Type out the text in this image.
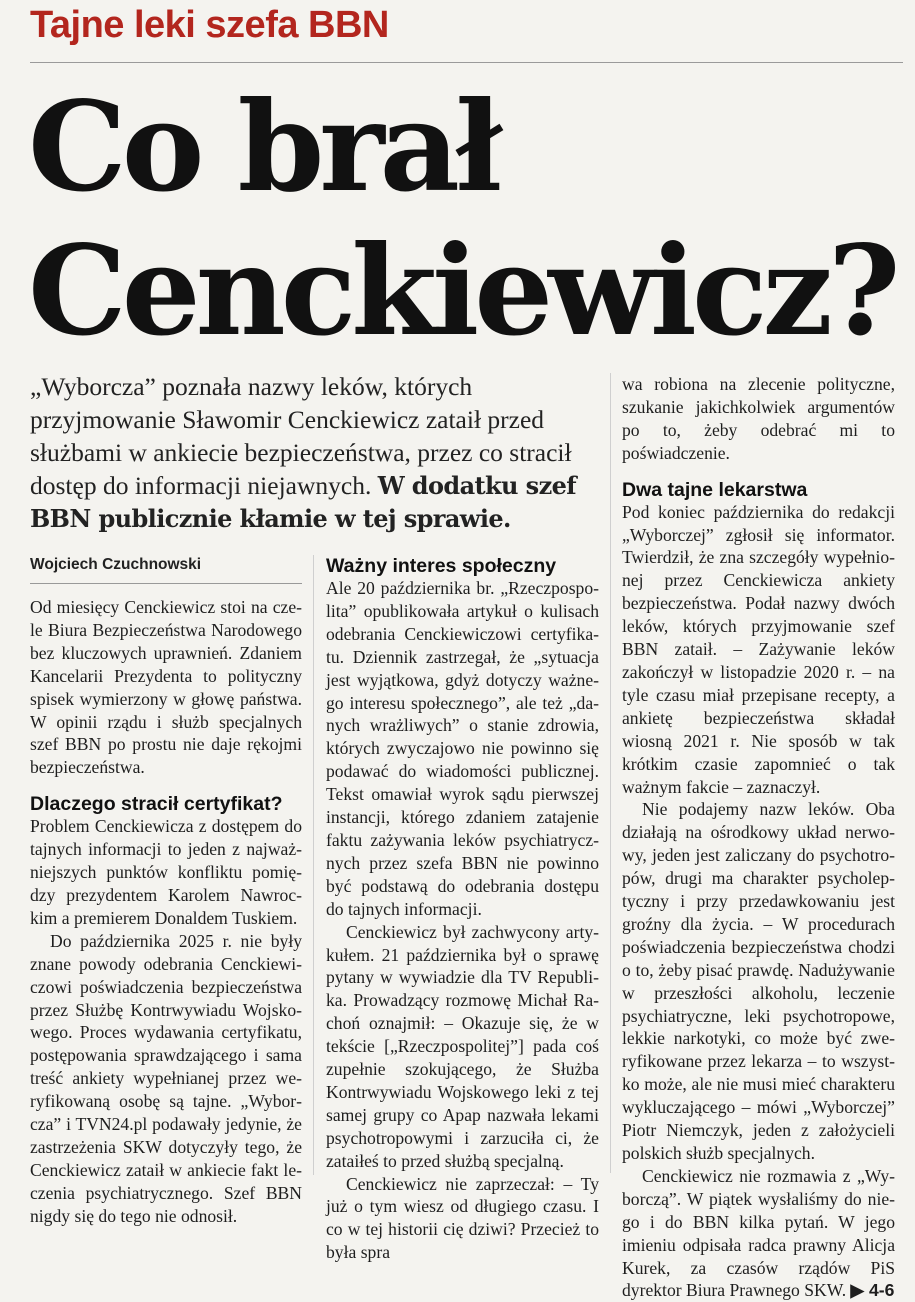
Tajne leki szefa BBN
Co brał
Cenckiewicz?
„Wyborcza” poznała nazwy leków, których przyjmowanie Sławomir Cenckiewicz zataił przed służbami w ankiecie bezpieczeństwa, przez co stracił dostęp do informacji niejawnych. W dodatku szef BBN publicznie kłamie w tej sprawie.
Wojciech Czuchnowski

Od miesięcy Cenckiewicz stoi na czele Biura Bezpieczeństwa Narodowego bez kluczowych uprawnień. Zdaniem Kancelarii Prezydenta to polityczny spisek wymierzony w głowę państwa. W opinii rządu i służb specjalnych szef BBN po prostu nie daje rękojmi bezpieczeństwa.

Dlaczego stracił certyfikat?

Problem Cenckiewicza z dostępem do tajnych informacji to jeden z najważniejszych punktów konfliktu pomiędzy prezydentem Karolem Nawrockim a premierem Donaldem Tuskiem.

Do października 2025 r. nie były znane powody odebrania Cenckiewiczowi poświadczenia bezpieczeństwa przez Służbę Kontrwywiadu Wojskowego. Proces wydawania certyfikatu, postępowania sprawdzającego i sama treść ankiety wypełnianej przez weryfikowaną osobę są tajne. „Wyborcza” i TVN24.pl podawały jedynie, że zastrzeżenia SKW dotyczyły tego, że Cenckiewicz zataił w ankiecie fakt leczenia psychiatrycznego. Szef BBN nigdy się do tego nie odnosił.

Ważny interes społeczny

Ale 20 października br. „Rzeczpospolita” opublikowała artykuł o kulisach odebrania Cenckiewiczowi certyfikatu. Dziennik zastrzegał, że „sytuacja jest wyjątkowa, gdyż dotyczy ważnego interesu społecznego”, ale też „danych wrażliwych” o stanie zdrowia, których zwyczajowo nie powinno się podawać do wiadomości publicznej. Tekst omawiał wyrok sądu pierwszej instancji, którego zdaniem zatajenie faktu zażywania leków psychiatrycznych przez szefa BBN nie powinno być podstawą do odebrania dostępu do tajnych informacji.

Cenckiewicz był zachwycony artykułem. 21 października był o sprawę pytany w wywiadzie dla TV Republika. Prowadzący rozmowę Michał Rachoń oznajmił: – Okazuje się, że w tekście [„Rzeczpospolitej”] pada coś zupełnie szokującego, że Służba Kontrwywiadu Wojskowego leki z tej samej grupy co Apap nazwała lekami psychotropowymi i zarzuciła ci, że zataiłeś to przed służbą specjalną.

Cenckiewicz nie zaprzeczał: – Ty już o tym wiesz od długiego czasu. I co w tej historii cię dziwi? Przecież to była spra

wa robiona na zlecenie polityczne, szukanie jakichkolwiek argumentów po to, żeby odebrać mi to poświadczenie.

Dwa tajne lekarstwa

Pod koniec października do redakcji „Wyborczej” zgłosił się informator. Twierdził, że zna szczegóły wypełnionej przez Cenckiewicza ankiety bezpieczeństwa. Podał nazwy dwóch leków, których przyjmowanie szef BBN zataił. – Zażywanie leków zakończył w listopadzie 2020 r. – na tyle czasu miał przepisane recepty, a ankietę bezpieczeństwa składał wiosną 2021 r. Nie sposób w tak krótkim czasie zapomnieć o tak ważnym fakcie – zaznaczył.

Nie podajemy nazw leków. Oba działają na ośrodkowy układ nerwowy, jeden jest zaliczany do psychotropów, drugi ma charakter psycholeptyczny i przy przedawkowaniu jest groźny dla życia. – W procedurach poświadczenia bezpieczeństwa chodzi o to, żeby pisać prawdę. Nadużywanie w przeszłości alkoholu, leczenie psychiatryczne, leki psychotropowe, lekkie narkotyki, co może być zweryfikowane przez lekarza – to wszystko może, ale nie musi mieć charakteru wykluczającego – mówi „Wyborczej” Piotr Niemczyk, jeden z założycieli polskich służb specjalnych.

Cenckiewicz nie rozmawia z „Wyborczą”. W piątek wysłaliśmy do niego i do BBN kilka pytań. W jego imieniu odpisała radca prawny Alicja Kurek, za czasów rządów PiS dyrektor Biura Prawnego SKW. ▶ 4-6
